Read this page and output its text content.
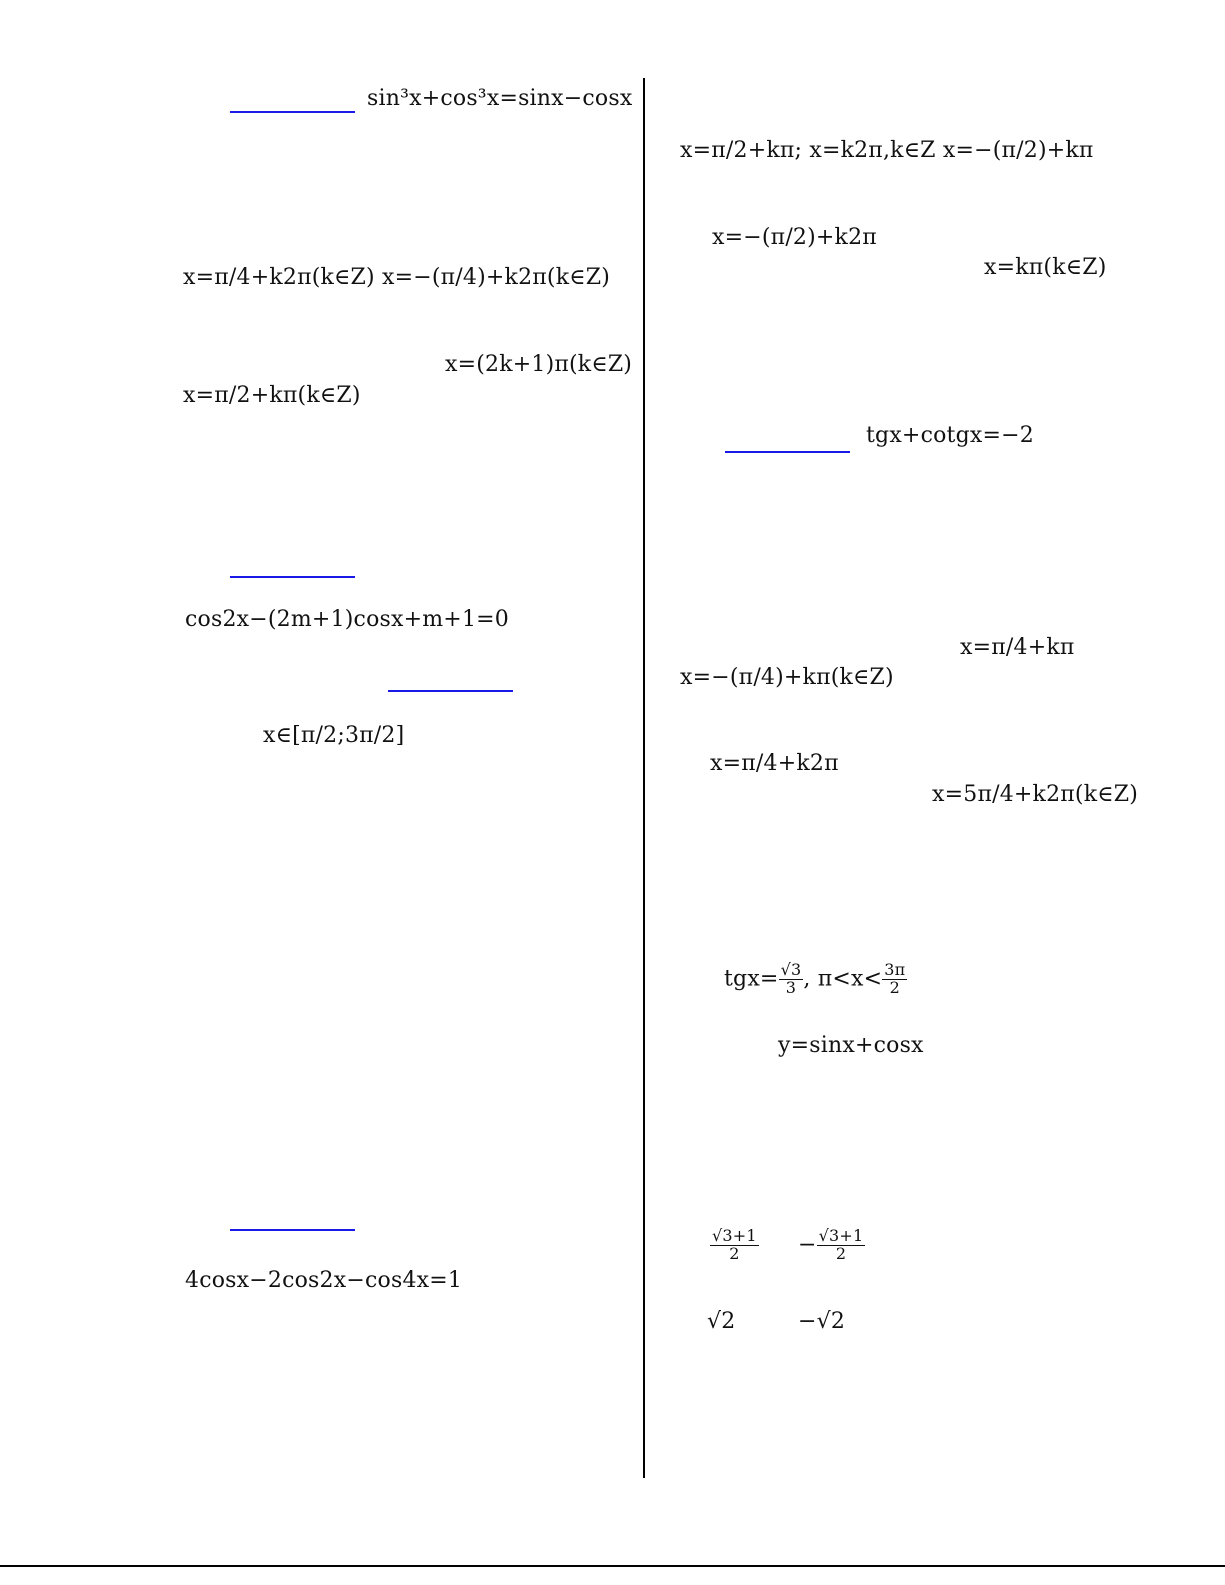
sin³x+cos³x=sinx−cosx
x=π/4+k2π(k∈Z) x=−(π/4)+k2π(k∈Z)
x=(2k+1)π(k∈Z)
x=π/2+kπ(k∈Z)
cos2x−(2m+1)cosx+m+1=0
x∈[π/2;3π/2]
4cosx−2cos2x−cos4x=1
x=π/2+kπ; x=k2π,k∈Z x=−(π/2)+kπ
x=−(π/2)+k2π
x=kπ(k∈Z)
tgx+cotgx=−2
x=π/4+kπ
x=−(π/4)+kπ(k∈Z)
x=π/4+k2π
x=5π/4+k2π(k∈Z)
$tgx= \frac{√3}{3}$ , $\pi<x< \frac{3\pi}{2}$
y=sinx+cosx
$\frac{√3+1}{2} - \frac{√3+1}{2}$
√2	−√2
